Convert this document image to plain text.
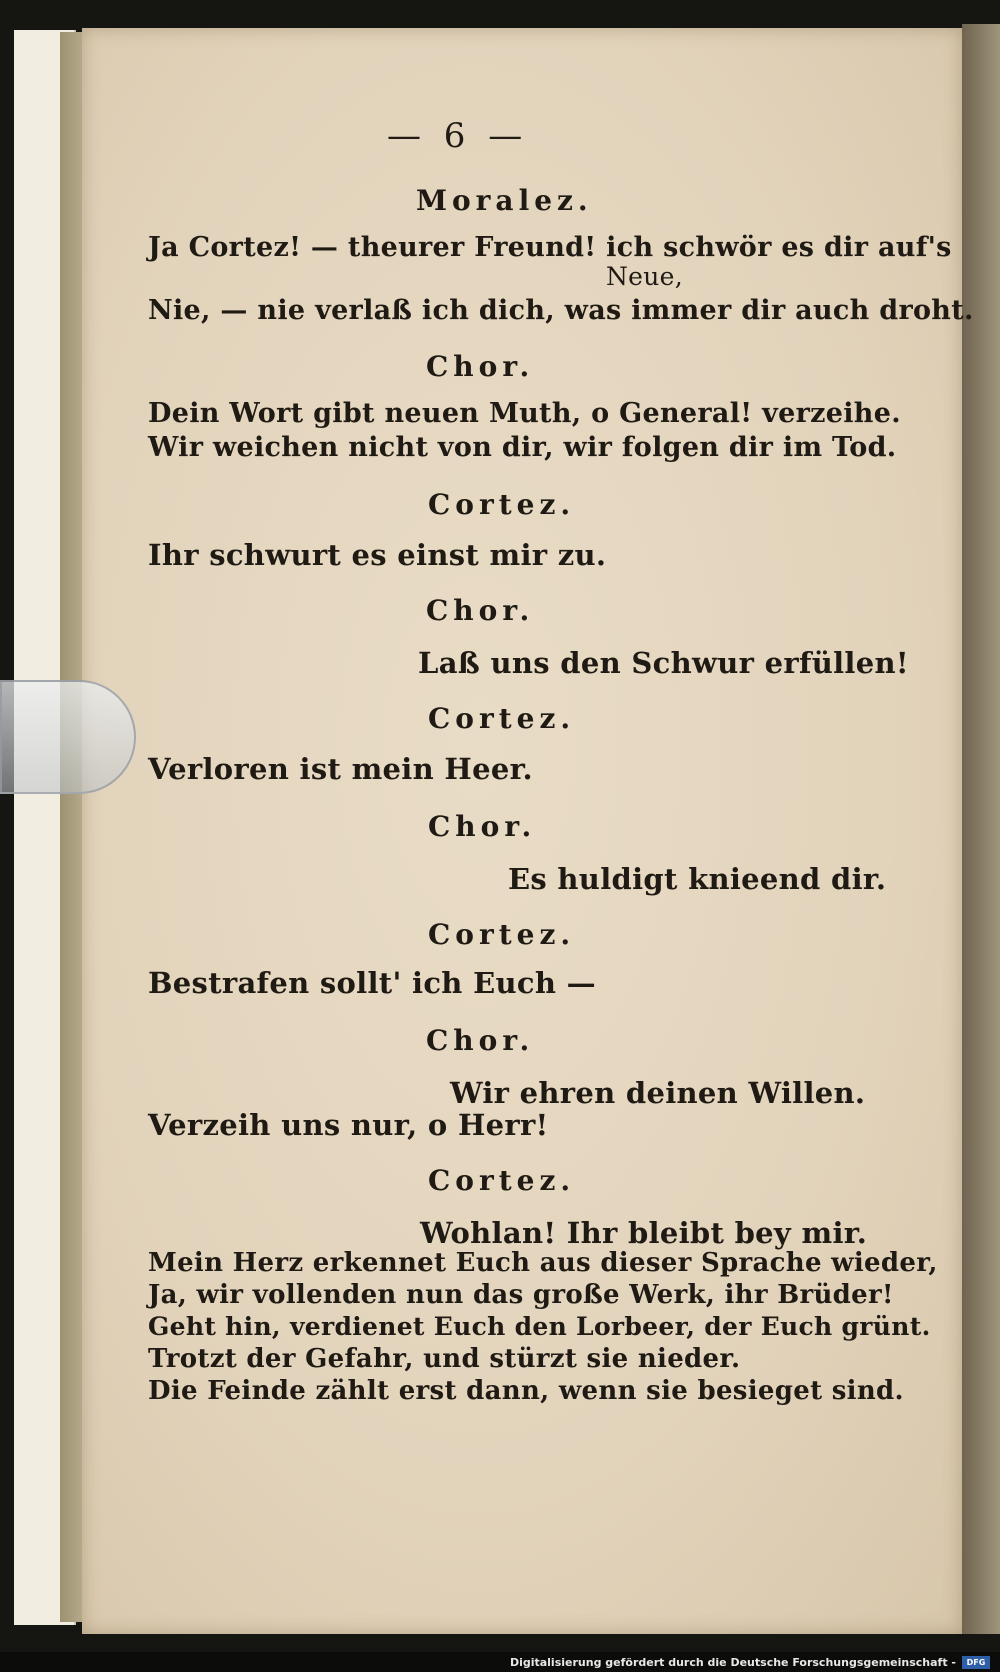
— 6 —
Moralez.
Ja Cortez! — theurer Freund! ich schwör es dir auf's
Neue,
Nie, — nie verlaß ich dich, was immer dir auch droht.
Chor.
Dein Wort gibt neuen Muth, o General! verzeihe.
Wir weichen nicht von dir, wir folgen dir im Tod.
Cortez.
Ihr schwurt es einst mir zu.
Chor.
Laß uns den Schwur erfüllen!
Cortez.
Verloren ist mein Heer.
Chor.
Es huldigt knieend dir.
Cortez.
Bestrafen sollt' ich Euch —
Chor.
Wir ehren deinen Willen.
Verzeih uns nur, o Herr!
Cortez.
Wohlan! Ihr bleibt bey mir.
Mein Herz erkennet Euch aus dieser Sprache wieder,
Ja, wir vollenden nun das große Werk, ihr Brüder!
Geht hin, verdienet Euch den Lorbeer, der Euch grünt.
Trotzt der Gefahr, und stürzt sie nieder.
Die Feinde zählt erst dann, wenn sie besieget sind.
Digitalisierung gefördert durch die Deutsche Forschungsgemeinschaft -	DFG
